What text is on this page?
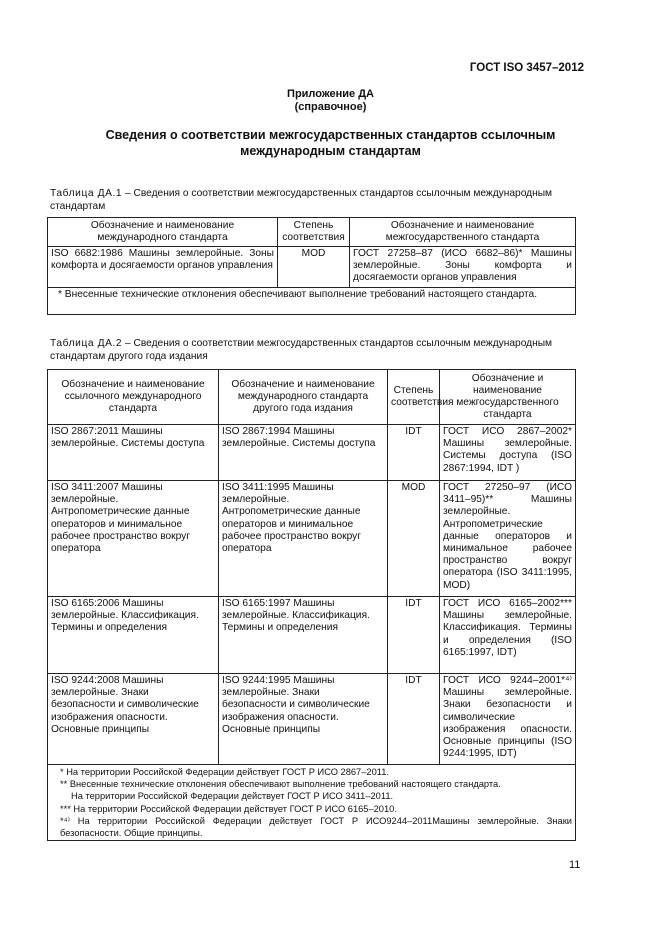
ГОСТ ISO 3457–2012
Приложение ДА
(справочное)
Сведения о соответствии межгосударственных стандартов ссылочным
международным стандартам
Таблица ДА.1 – Сведения о соответствии межгосударственных стандартов ссылочным международным стандартам
Обозначение и наименование международного стандарта	Степень соответствия	Обозначение и наименование межгосударственного стандарта
ISO 6682:1986 Машины землеройные. Зоны комфорта и досягаемости органов управления	MOD	ГОСТ 27258–87 (ИСО 6682–86)* Машины землеройные. Зоны комфорта и досягаемости органов управления
* Внесенные технические отклонения обеспечивают выполнение требований настоящего стандарта.		
Таблица ДА.2 – Сведения о соответствии межгосударственных стандартов ссылочным международным стандартам другого года издания
Обозначение и наименование ссылочного международного стандарта	Обозначение и наименование международного стандарта другого года издания	Степень соответствия	Обозначение и наименование межгосударственного стандарта
ISO 2867:2011 Машины землеройные. Системы доступа	ISO 2867:1994 Машины землеройные. Системы доступа	IDT	ГОСТ ИСО 2867–2002* Машины землеройные. Системы доступа (ISO 2867:1994, IDT )
ISO 3411:2007 Машины землеройные. Антропометрические данные операторов и минимальное рабочее пространство вокруг оператора	ISO 3411:1995 Машины землеройные. Антропометрические данные операторов и минимальное рабочее пространство вокруг оператора	MOD	ГОСТ 27250–97 (ИСО 3411–95)** Машины землеройные. Антропометрические данные операторов и минимальное рабочее пространство вокруг оператора (ISO 3411:1995, MOD)
ISO 6165:2006 Машины землеройные. Классификация. Термины и определения	ISO 6165:1997 Машины землеройные. Классификация. Термины и определения	IDT	ГОСТ ИСО 6165–2002*** Машины землеройные. Классификация. Термины и определения (ISO 6165:1997, IDT)
ISO 9244:2008 Машины землеройные. Знаки безопасности и символические изображения опасности. Основные принципы	ISO 9244:1995 Машины землеройные. Знаки безопасности и символические изображения опасности. Основные принципы	IDT	ГОСТ ИСО 9244–2001*⁴⁾ Машины землеройные. Знаки безопасности и символические изображения опасности. Основные принципы (ISO 9244:1995, IDT)

* На территории Российской Федерации действует ГОСТ Р ИСО 2867–2011.
** Внесенные технические отклонения обеспечивают выполнение требований настоящего стандарта.
На территории Российской Федерации действует ГОСТ Р ИСО 3411–2011.
*** На территории Российской Федерации действует ГОСТ Р ИСО 6165–2010.
*⁴⁾ На территории Российской Федерации действует ГОСТ Р ИСО9244–2011Машины землеройные. Знаки безопасности. Общие принципы.			
11
